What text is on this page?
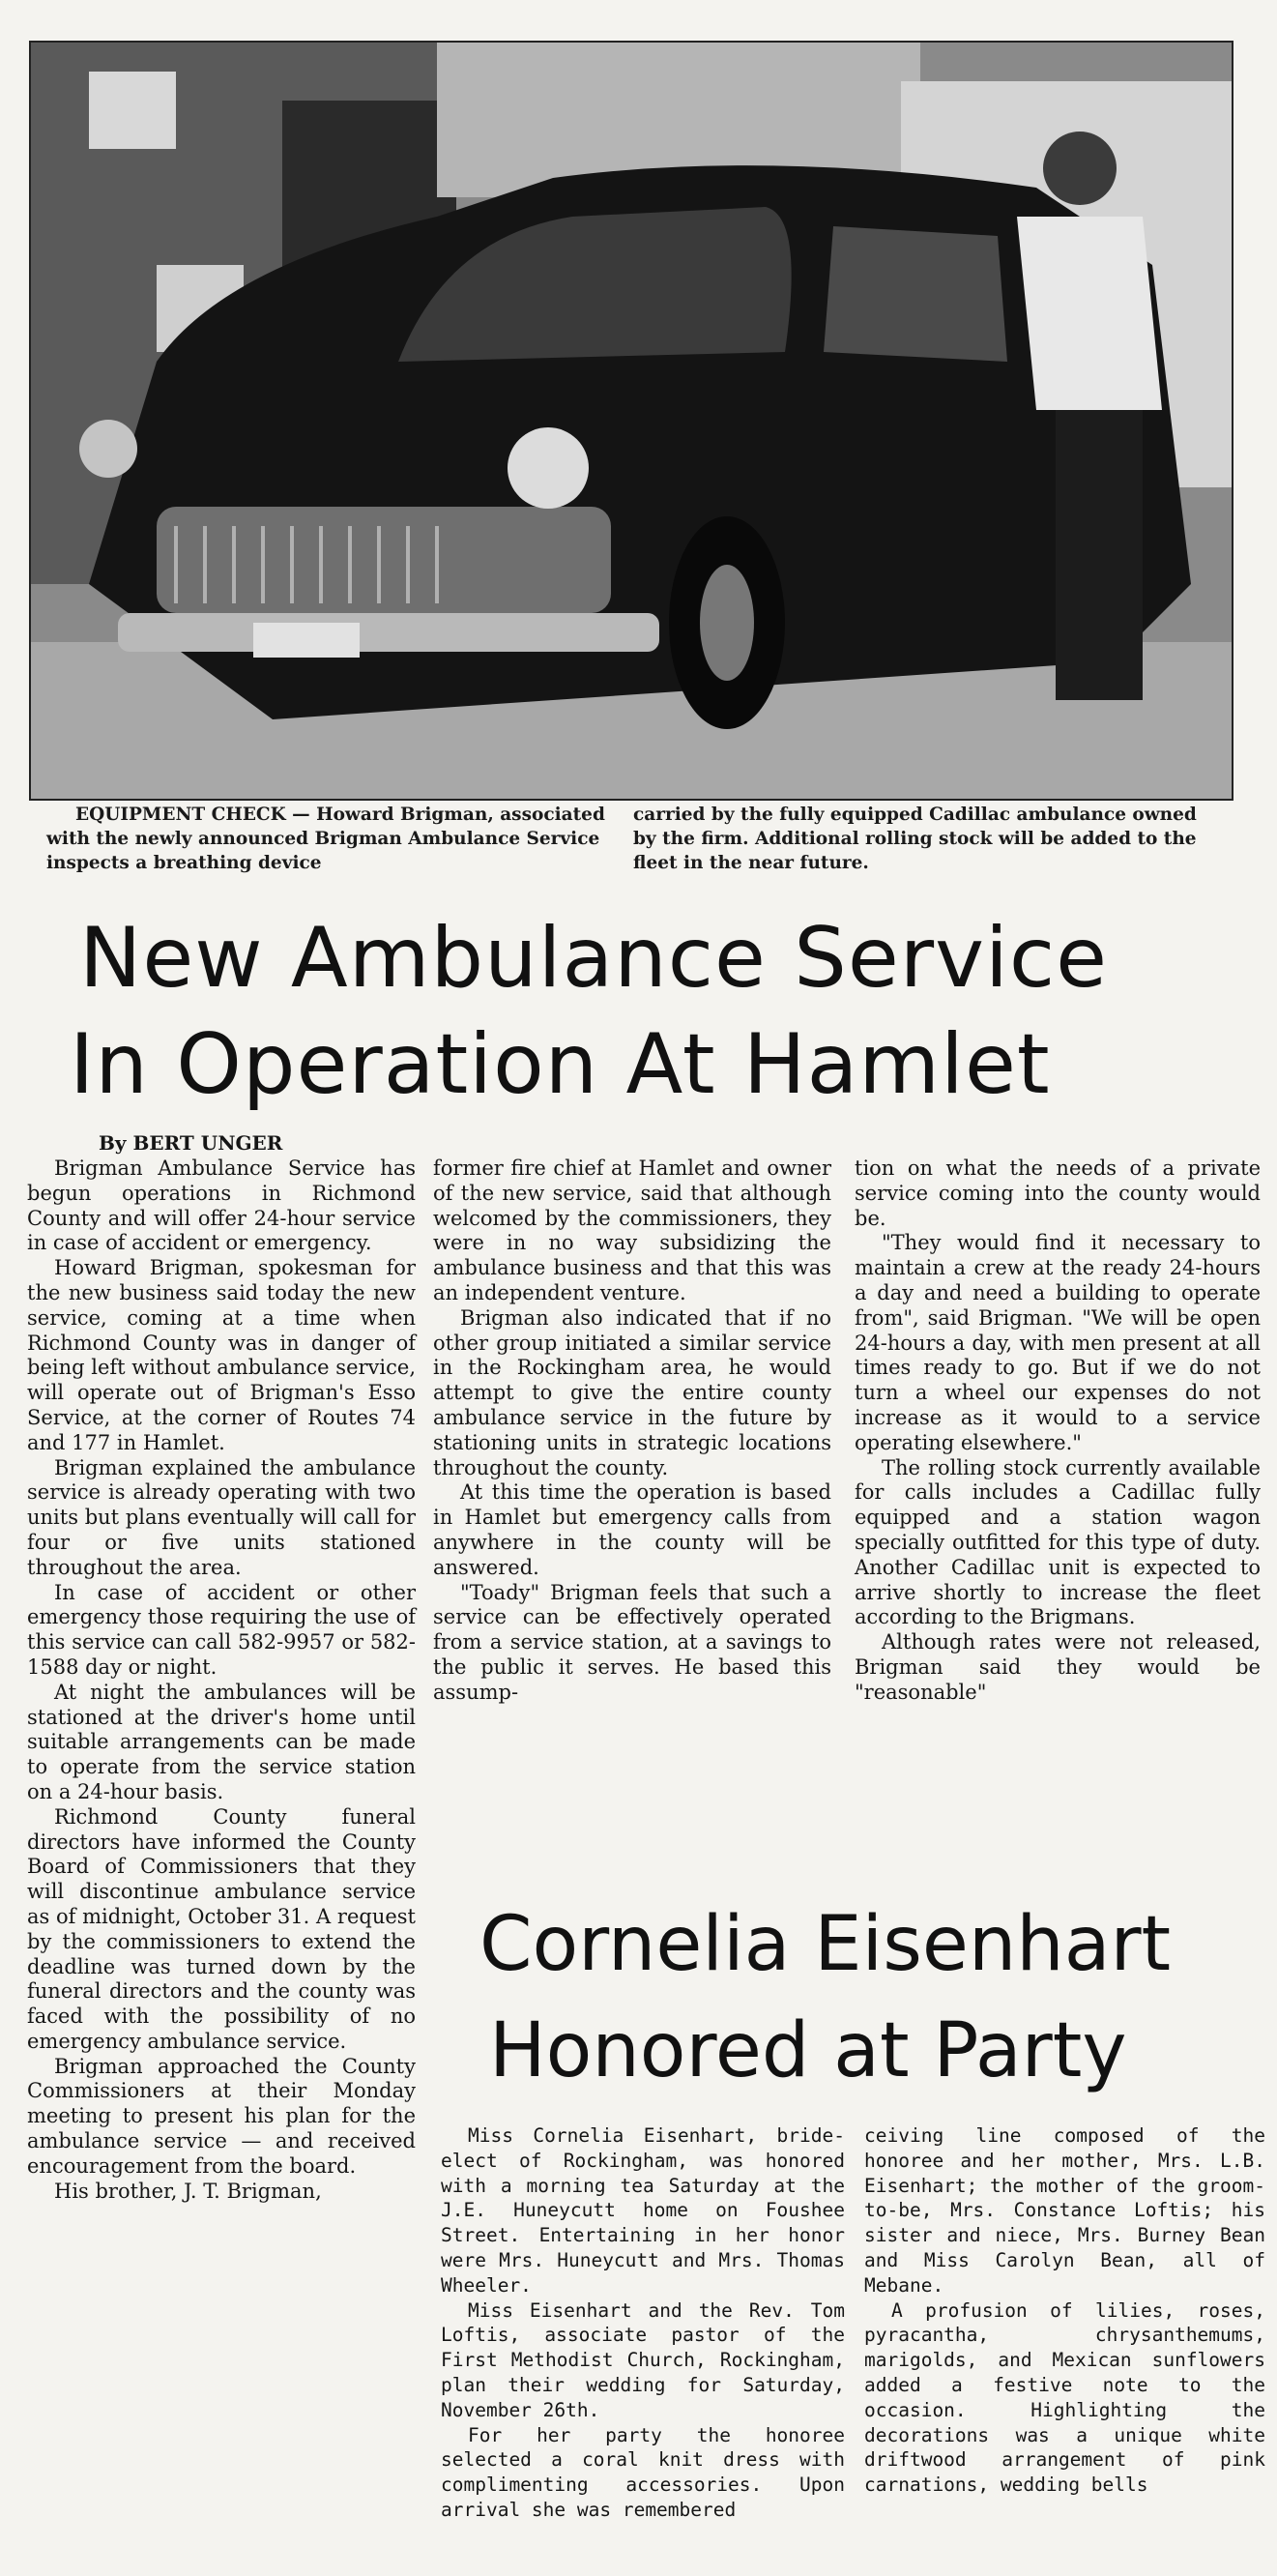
EQUIPMENT CHECK — Howard Brigman, associated with the newly announced Brigman Ambulance Service inspects a breathing device
carried by the fully equipped Cadillac ambulance owned by the firm. Additional rolling stock will be added to the fleet in the near future.
New Ambulance Service
In Operation At Hamlet
By BERT UNGER

Brigman Ambulance Service has begun operations in Richmond County and will offer 24-hour service in case of accident or emergency.

Howard Brigman, spokesman for the new business said today the new service, coming at a time when Richmond County was in danger of being left without ambulance service, will operate out of Brigman's Esso Service, at the corner of Routes 74 and 177 in Hamlet.

Brigman explained the ambulance service is already operating with two units but plans eventually will call for four or five units stationed throughout the area.

In case of accident or other emergency those requiring the use of this service can call 582-9957 or 582-1588 day or night.

At night the ambulances will be stationed at the driver's home until suitable arrangements can be made to operate from the service station on a 24-hour basis.

Richmond County funeral directors have informed the County Board of Commissioners that they will discontinue ambulance service as of midnight, October 31. A request by the commissioners to extend the deadline was turned down by the funeral directors and the county was faced with the possibility of no emergency ambulance service.

Brigman approached the County Commissioners at their Monday meeting to present his plan for the ambulance service — and received encouragement from the board.

His brother, J. T. Brigman,

former fire chief at Hamlet and owner of the new service, said that although welcomed by the commissioners, they were in no way subsidizing the ambulance business and that this was an independent venture.

Brigman also indicated that if no other group initiated a similar service in the Rockingham area, he would attempt to give the entire county ambulance service in the future by stationing units in strategic locations throughout the county.

At this time the operation is based in Hamlet but emergency calls from anywhere in the county will be answered.

"Toady" Brigman feels that such a service can be effectively operated from a service station, at a savings to the public it serves. He based this assump-

tion on what the needs of a private service coming into the county would be.

"They would find it necessary to maintain a crew at the ready 24-hours a day and need a building to operate from", said Brigman. "We will be open 24-hours a day, with men present at all times ready to go. But if we do not turn a wheel our expenses do not increase as it would to a service operating elsewhere."

The rolling stock currently available for calls includes a Cadillac fully equipped and a station wagon specially outfitted for this type of duty. Another Cadillac unit is expected to arrive shortly to increase the fleet according to the Brigmans.

Although rates were not released, Brigman said they would be "reasonable"

Cornelia Eisenhart
Honored at Party

Miss Cornelia Eisenhart, bride-elect of Rockingham, was honored with a morning tea Saturday at the J.E. Huneycutt home on Foushee Street. Entertaining in her honor were Mrs. Huneycutt and Mrs. Thomas Wheeler.

Miss Eisenhart and the Rev. Tom Loftis, associate pastor of the First Methodist Church, Rockingham, plan their wedding for Saturday, November 26th.

For her party the honoree selected a coral knit dress with complimenting accessories. Upon arrival she was remembered

ceiving line composed of the honoree and her mother, Mrs. L.B. Eisenhart; the mother of the groom-to-be, Mrs. Constance Loftis; his sister and niece, Mrs. Burney Bean and Miss Carolyn Bean, all of Mebane.

A profusion of lilies, roses, pyracantha, chrysanthemums, marigolds, and Mexican sunflowers added a festive note to the occasion. Highlighting the decorations was a unique white driftwood arrangement of pink carnations, wedding bells
